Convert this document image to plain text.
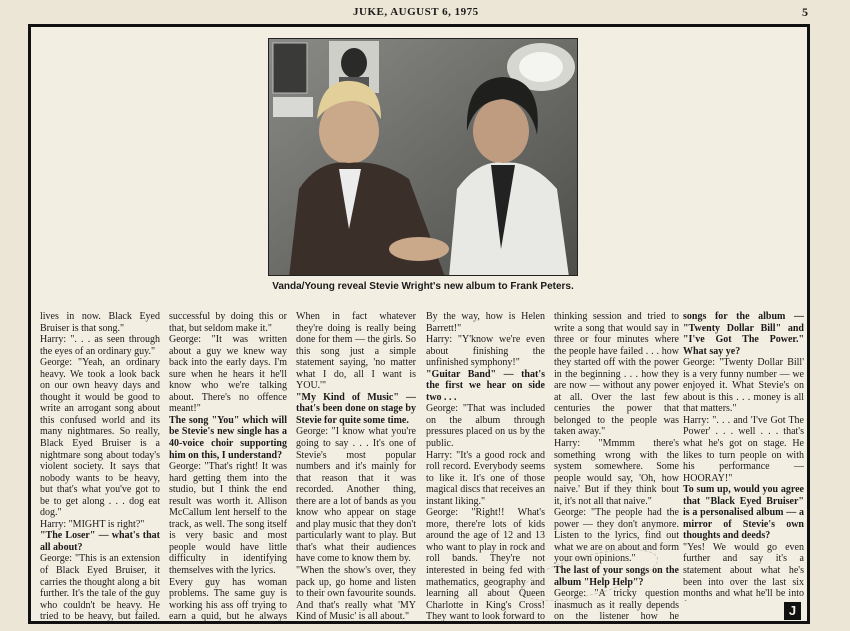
JUKE, AUGUST 6, 1975	5
Vanda/Young reveal Stevie Wright's new album to Frank Peters.

lives in now. Black Eyed Bruiser is that song."

Harry: ". . . as seen through the eyes of an ordinary guy."

George: "Yeah, an ordinary heavy. We took a look back on our own heavy days and thought it would be good to write an arrogant song about this confused world and its many nightmares. So really, Black Eyed Bruiser is a nightmare song about today's violent society. It says that nobody wants to be heavy, but that's what you've got to be to get along . . . dog eat dog."

Harry: "MIGHT is right?"

"The Loser" — what's that all about?

George: "This is an extension of Black Eyed Bruiser, it carries the thought along a bit further. It's the tale of the guy who couldn't be heavy. He tried to be heavy, but failed.

successful by doing this or that, but seldom make it."

George: "It was written about a guy we knew way back into the early days. I'm sure when he hears it he'll know who we're talking about. There's no offence meant!"

The song "You" which will be Stevie's new single has a 40-voice choir supporting him on this, I understand?

George: "That's right! It was hard getting them into the studio, but I think the end result was worth it. Allison McCallum lent herself to the track, as well. The song itself is very basic and most people would have little difficulty in identifying themselves with the lyrics.

Every guy has woman problems. The same guy is working his ass off trying to earn a quid, but he always

When in fact whatever they're doing is really being done for them — the girls. So this song just a simple statement saying, 'no matter what I do, all I want is YOU.'"

"My Kind of Music" — that's been done on stage by Stevie for quite some time.

George: "I know what you're going to say . . . It's one of Stevie's most popular numbers and it's mainly for that reason that it was recorded. Another thing, there are a lot of bands as you know who appear on stage and play music that they don't particularly want to play. But that's what their audiences have come to know them by.

"When the show's over, they pack up, go home and listen to their own favourite sounds. And that's really what 'MY Kind of Music' is all about."

By the way, how is Helen Barrett!"

Harry: "Y'know we're even about finishing the unfinished symphony!"

"Guitar Band" — that's the first we hear on side two . . .

George: "That was included on the album through pressures placed on us by the public.

Harry: "It's a good rock and roll record. Everybody seems to like it. It's one of those magical discs that receives an instant liking."

George: "Right!! What's more, there're lots of kids around the age of 12 and 13 who want to play in rock and roll bands. They're not interested in being fed with mathematics, geography and learning all about Queen Charlotte in King's Cross! They want to look forward to

thinking session and tried to write a song that would say in three or four minutes where the people have failed . . . how they started off with the power in the beginning . . . how they are now — without any power at all. Over the last few centuries the power that belonged to the people was taken away."

Harry: "Mmmm there's something wrong with the system somewhere. Some people would say, 'Oh, how naive.' But if they think bout it, it's not all that naive."

George: "The people had the power — they don't anymore. Listen to the lyrics, find out what we are on about and form your own opinions."

The last of your songs on the album "Help Help"?

George: "A tricky question inasmuch as it really depends on the listener how he

songs for the album — "Twenty Dollar Bill" and "I've Got The Power." What say ye?

George: "Twenty Dollar Bill' is a very funny number — we enjoyed it. What Stevie's on about is this . . . money is all that matters."

Harry: ". . . and 'I've Got The Power' . . . well . . . that's what he's got on stage. He likes to turn people on with his performance — HOORAY!"

To sum up, would you agree that "Black Eyed Bruiser" is a personalised album — a mirror of Stevie's own thoughts and deeds?

"Yes! We would go even further and say it's a statement about what he's been into over the last six months and what he'll be into

J
